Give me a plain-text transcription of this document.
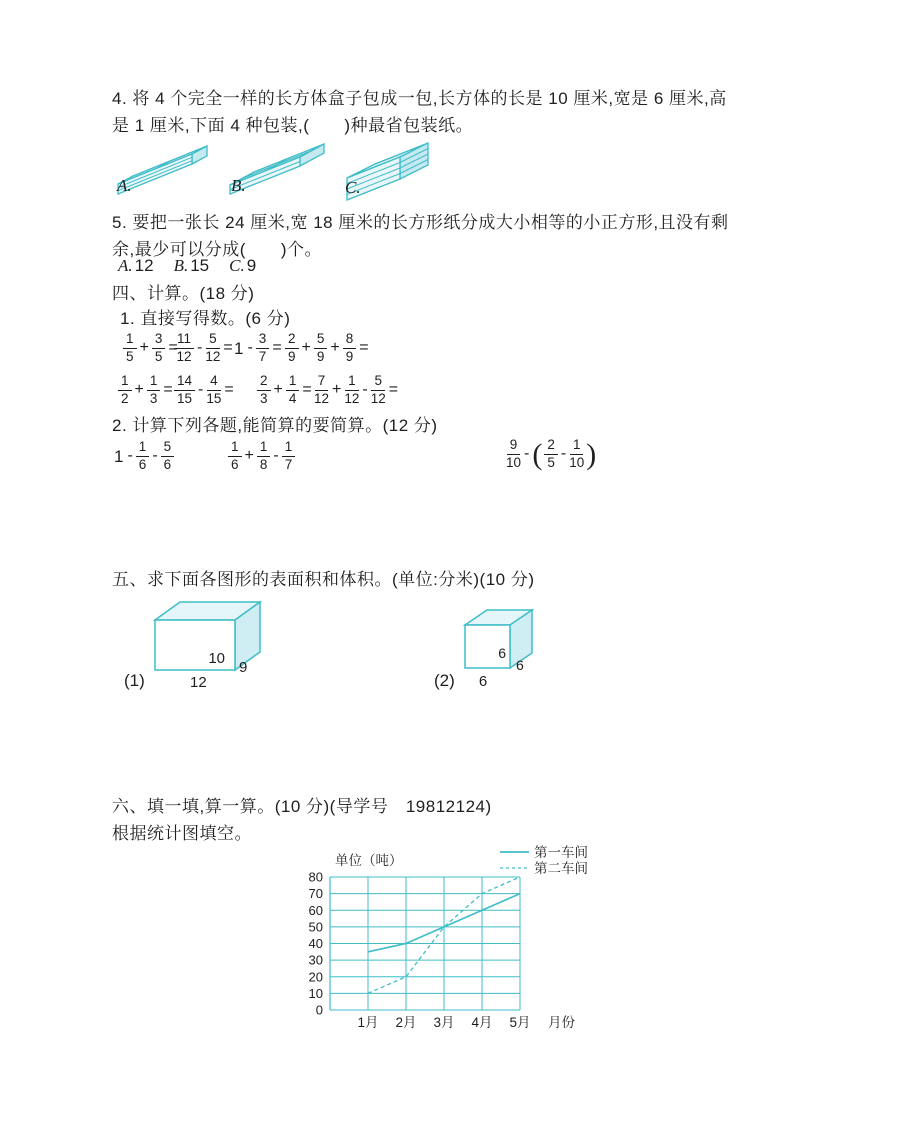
4. 将 4 个完全一样的长方体盒子包成一包,长方体的长是 10 厘米,宽是 6 厘米,高
是 1 厘米,下面 4 种包装,(　　)种最省包装纸。
A.	B.	C.
5. 要把一张长 24 厘米,宽 18 厘米的长方形纸分成大小相等的小正方形,且没有剩
余,最少可以分成(　　)个。
A. 12 B. 15 C. 9
四、计算。(18 分)
1. 直接写得数。(6 分)
$\frac{1}{5} + \frac{3}{5}$ =
$\frac{11}{12} - \frac{5}{12} = 1 - \frac{3}{7} = \frac{2}{9} + \frac{5}{9} + \frac{8}{9}$ =
$\frac{1}{2} + \frac{1}{3} = \frac{14}{15} - \frac{4}{15} = \frac{2}{3} + \frac{1}{4} = \frac{7}{12} + \frac{1}{12} - \frac{5}{12}$ =
2. 计算下列各题,能简算的要简算。(12 分)
$1 - \frac{1}{6} - \frac{5}{6}$	$\frac{1}{6} + \frac{1}{8} - \frac{1}{7}$	$\frac{9}{10}$ - ( $\frac{2}{5} - \frac{1}{10}$ )
五、求下面各图形的表面积和体积。(单位:分米)(10 分)
10
9
12
(1)
6
6
6
(2)
六、填一填,算一算。(10 分)(导学号　19812124)
根据统计图填空。
0
10
20
30
40
50
60
70
80
1月 2月 3月 4月 5月 月份
单位（吨）
第一车间
第二车间
